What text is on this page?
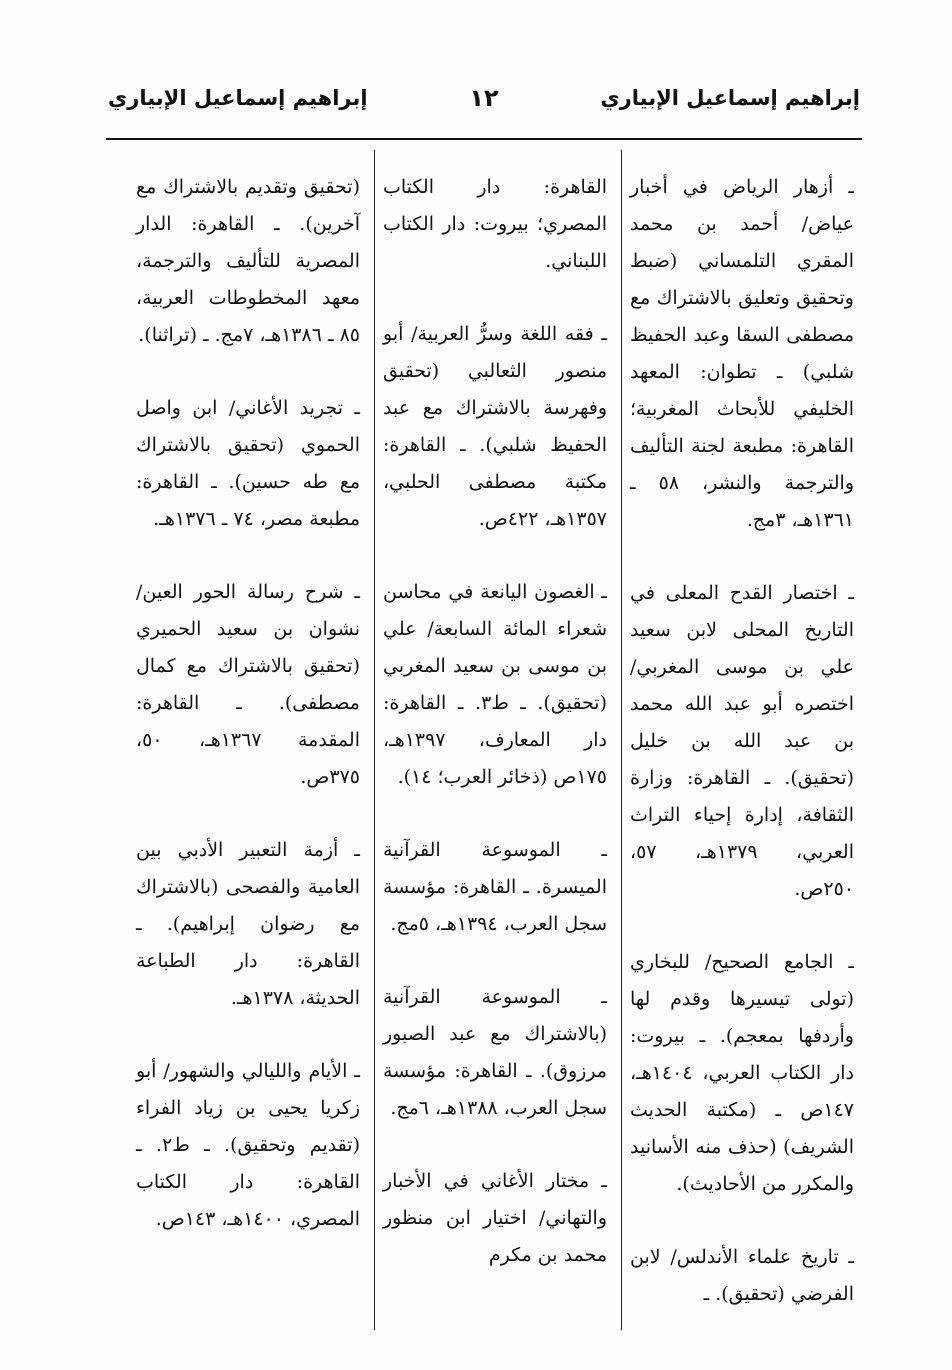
إبراهيم إسماعيل الإبياري
١٢
إبراهيم إسماعيل الإبياري

ـ أزهار الرياض في أخبار عياض/ أحمد بن محمد المقري التلمساني (ضبط وتحقيق وتعليق بالاشتراك مع مصطفى السقا وعبد الحفيظ شلبي) ـ تطوان: المعهد الخليفي للأبحاث المغربية؛ القاهرة: مطبعة لجنة التأليف والترجمة والنشر، ٥٨ ـ ١٣٦١هـ، ٣مج.

ـ اختصار القدح المعلى في التاريخ المحلى لابن سعيد علي بن موسى المغربي/ اختصره أبو عبد الله محمد بن عبد الله بن خليل (تحقيق). ـ القاهرة: وزارة الثقافة، إدارة إحياء التراث العربي، ١٣٧٩هـ، ٥٧، ٢٥٠ص.

ـ الجامع الصحيح/ للبخاري (تولى تيسيرها وقدم لها وأردفها بمعجم). ـ بيروت: دار الكتاب العربي، ١٤٠٤هـ، ١٤٧ص ـ (مكتبة الحديث الشريف) (حذف منه الأسانيد والمكرر من الأحاديث).

ـ تاريخ علماء الأندلس/ لابن الفرضي (تحقيق). ـ

القاهرة: دار الكتاب المصري؛ بيروت: دار الكتاب اللبناني.

ـ فقه اللغة وسرُّ العربية/ أبو منصور الثعالبي (تحقيق وفهرسة بالاشتراك مع عبد الحفيظ شلبي). ـ القاهرة: مكتبة مصطفى الحلبي، ١٣٥٧هـ، ٤٢٢ص.

ـ الغصون اليانعة في محاسن شعراء المائة السابعة/ علي بن موسى بن سعيد المغربي (تحقيق). ـ ط٣. ـ القاهرة: دار المعارف، ١٣٩٧هـ، ١٧٥ص (ذخائر العرب؛ ١٤).

ـ الموسوعة القرآنية الميسرة. ـ القاهرة: مؤسسة سجل العرب، ١٣٩٤هـ، ٥مج.

ـ الموسوعة القرآنية (بالاشتراك مع عبد الصبور مرزوق). ـ القاهرة: مؤسسة سجل العرب، ١٣٨٨هـ، ٦مج.

ـ مختار الأغاني في الأخبار والتهاني/ اختيار ابن منظور محمد بن مكرم

(تحقيق وتقديم بالاشتراك مع آخرين). ـ القاهرة: الدار المصرية للتأليف والترجمة، معهد المخطوطات العربية، ٨٥ ـ ١٣٨٦هـ، ٧مج. ـ (تراثنا).

ـ تجريد الأغاني/ ابن واصل الحموي (تحقيق بالاشتراك مع طه حسين). ـ القاهرة: مطبعة مصر، ٧٤ ـ ١٣٧٦هـ.

ـ شرح رسالة الحور العين/ نشوان بن سعيد الحميري (تحقيق بالاشتراك مع كمال مصطفى). ـ القاهرة: المقدمة ١٣٦٧هـ، ٥٠، ٣٧٥ص.

ـ أزمة التعبير الأدبي بين العامية والفصحى (بالاشتراك مع رضوان إبراهيم). ـ القاهرة: دار الطباعة الحديثة، ١٣٧٨هـ.

ـ الأيام والليالي والشهور/ أبو زكريا يحيى بن زياد الفراء (تقديم وتحقيق). ـ ط٢. ـ القاهرة: دار الكتاب المصري، ١٤٠٠هـ، ١٤٣ص.
